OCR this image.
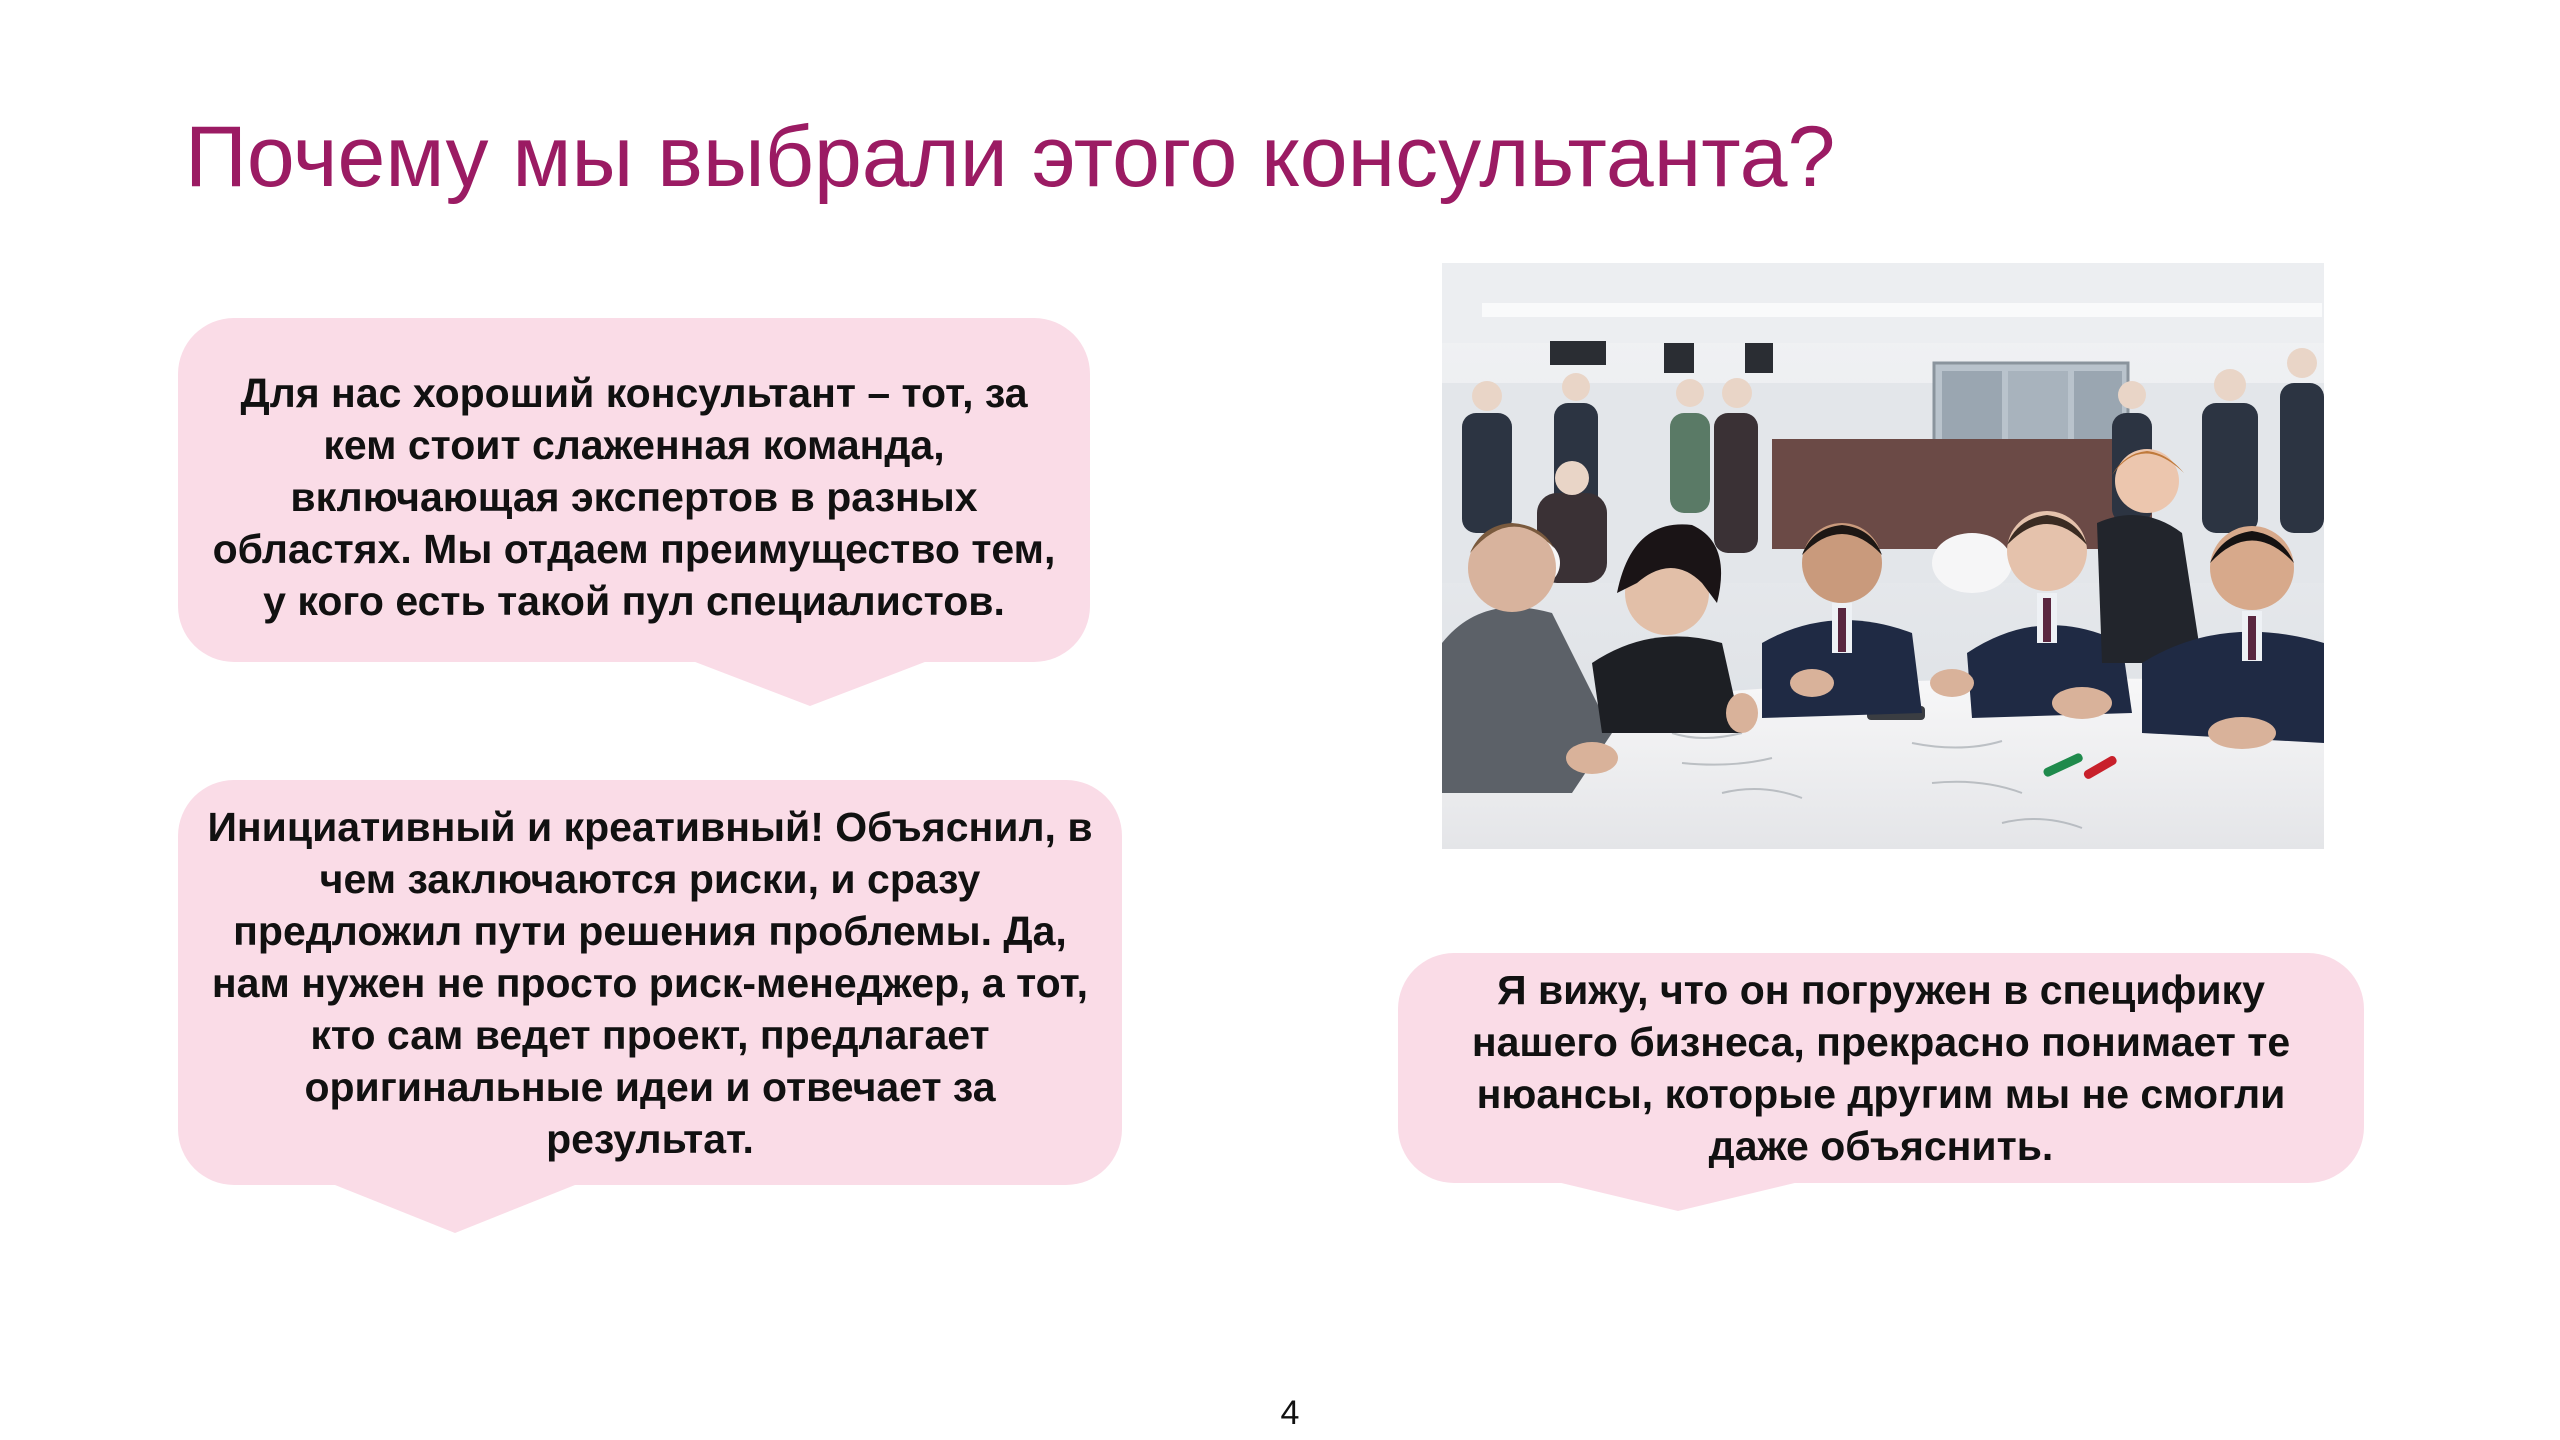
Почему мы выбрали этого консультанта?

Для нас хороший консультант – тот, за кем стоит слаженная команда, включающая экспертов в разных областях. Мы отдаем преимущество тем, у кого есть такой пул специалистов.

Инициативный и креативный! Объяснил, в чем заключаются риски, и сразу предложил пути решения проблемы. Да, нам нужен не просто риск-менеджер, а тот, кто сам ведет проект, предлагает оригинальные идеи и отвечает за результат.

Я вижу, что он погружен в специфику нашего бизнеса, прекрасно понимает те нюансы, которые другим мы не смогли даже объяснить.

4
